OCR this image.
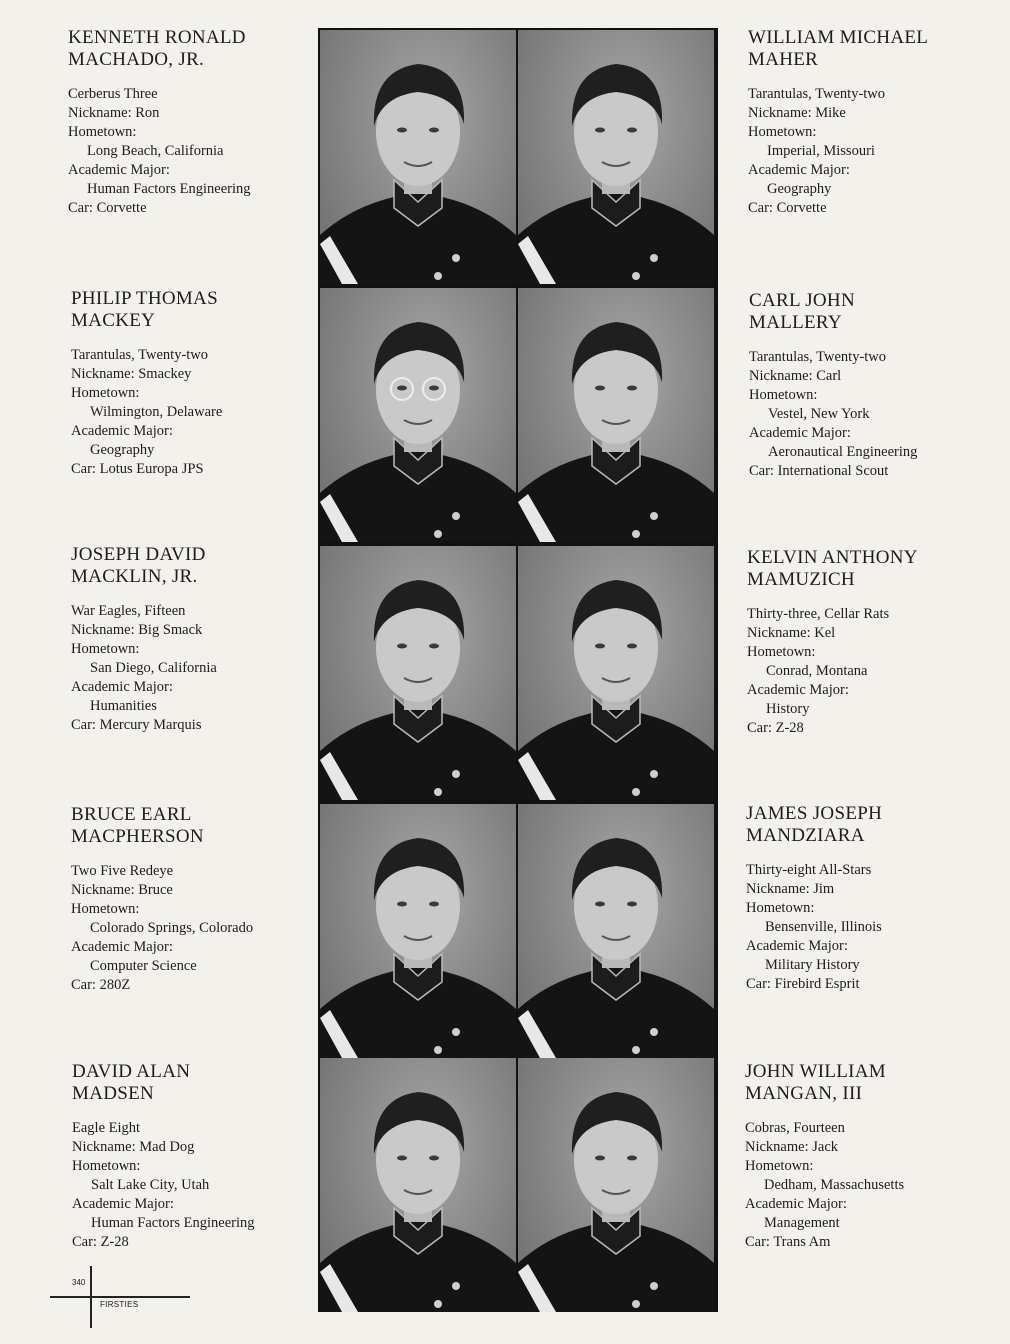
KENNETH RONALD
MACHADO, JR.
Cerberus Three
Nickname: Ron
Hometown:
Long Beach, California
Academic Major:
Human Factors Engineering
Car: Corvette
PHILIP THOMAS
MACKEY
Tarantulas, Twenty-two
Nickname: Smackey
Hometown:
Wilmington, Delaware
Academic Major:
Geography
Car: Lotus Europa JPS
JOSEPH DAVID
MACKLIN, JR.
War Eagles, Fifteen
Nickname: Big Smack
Hometown:
San Diego, California
Academic Major:
Humanities
Car: Mercury Marquis
BRUCE EARL
MACPHERSON
Two Five Redeye
Nickname: Bruce
Hometown:
Colorado Springs, Colorado
Academic Major:
Computer Science
Car: 280Z
DAVID ALAN
MADSEN
Eagle Eight
Nickname: Mad Dog
Hometown:
Salt Lake City, Utah
Academic Major:
Human Factors Engineering
Car: Z-28
WILLIAM MICHAEL
MAHER
Tarantulas, Twenty-two
Nickname: Mike
Hometown:
Imperial, Missouri
Academic Major:
Geography
Car: Corvette
CARL JOHN
MALLERY
Tarantulas, Twenty-two
Nickname: Carl
Hometown:
Vestel, New York
Academic Major:
Aeronautical Engineering
Car: International Scout
KELVIN ANTHONY
MAMUZICH
Thirty-three, Cellar Rats
Nickname: Kel
Hometown:
Conrad, Montana
Academic Major:
History
Car: Z-28
JAMES JOSEPH
MANDZIARA
Thirty-eight All-Stars
Nickname: Jim
Hometown:
Bensenville, Illinois
Academic Major:
Military History
Car: Firebird Esprit
JOHN WILLIAM
MANGAN, III
Cobras, Fourteen
Nickname: Jack
Hometown:
Dedham, Massachusetts
Academic Major:
Management
Car: Trans Am
340
FIRSTIES
